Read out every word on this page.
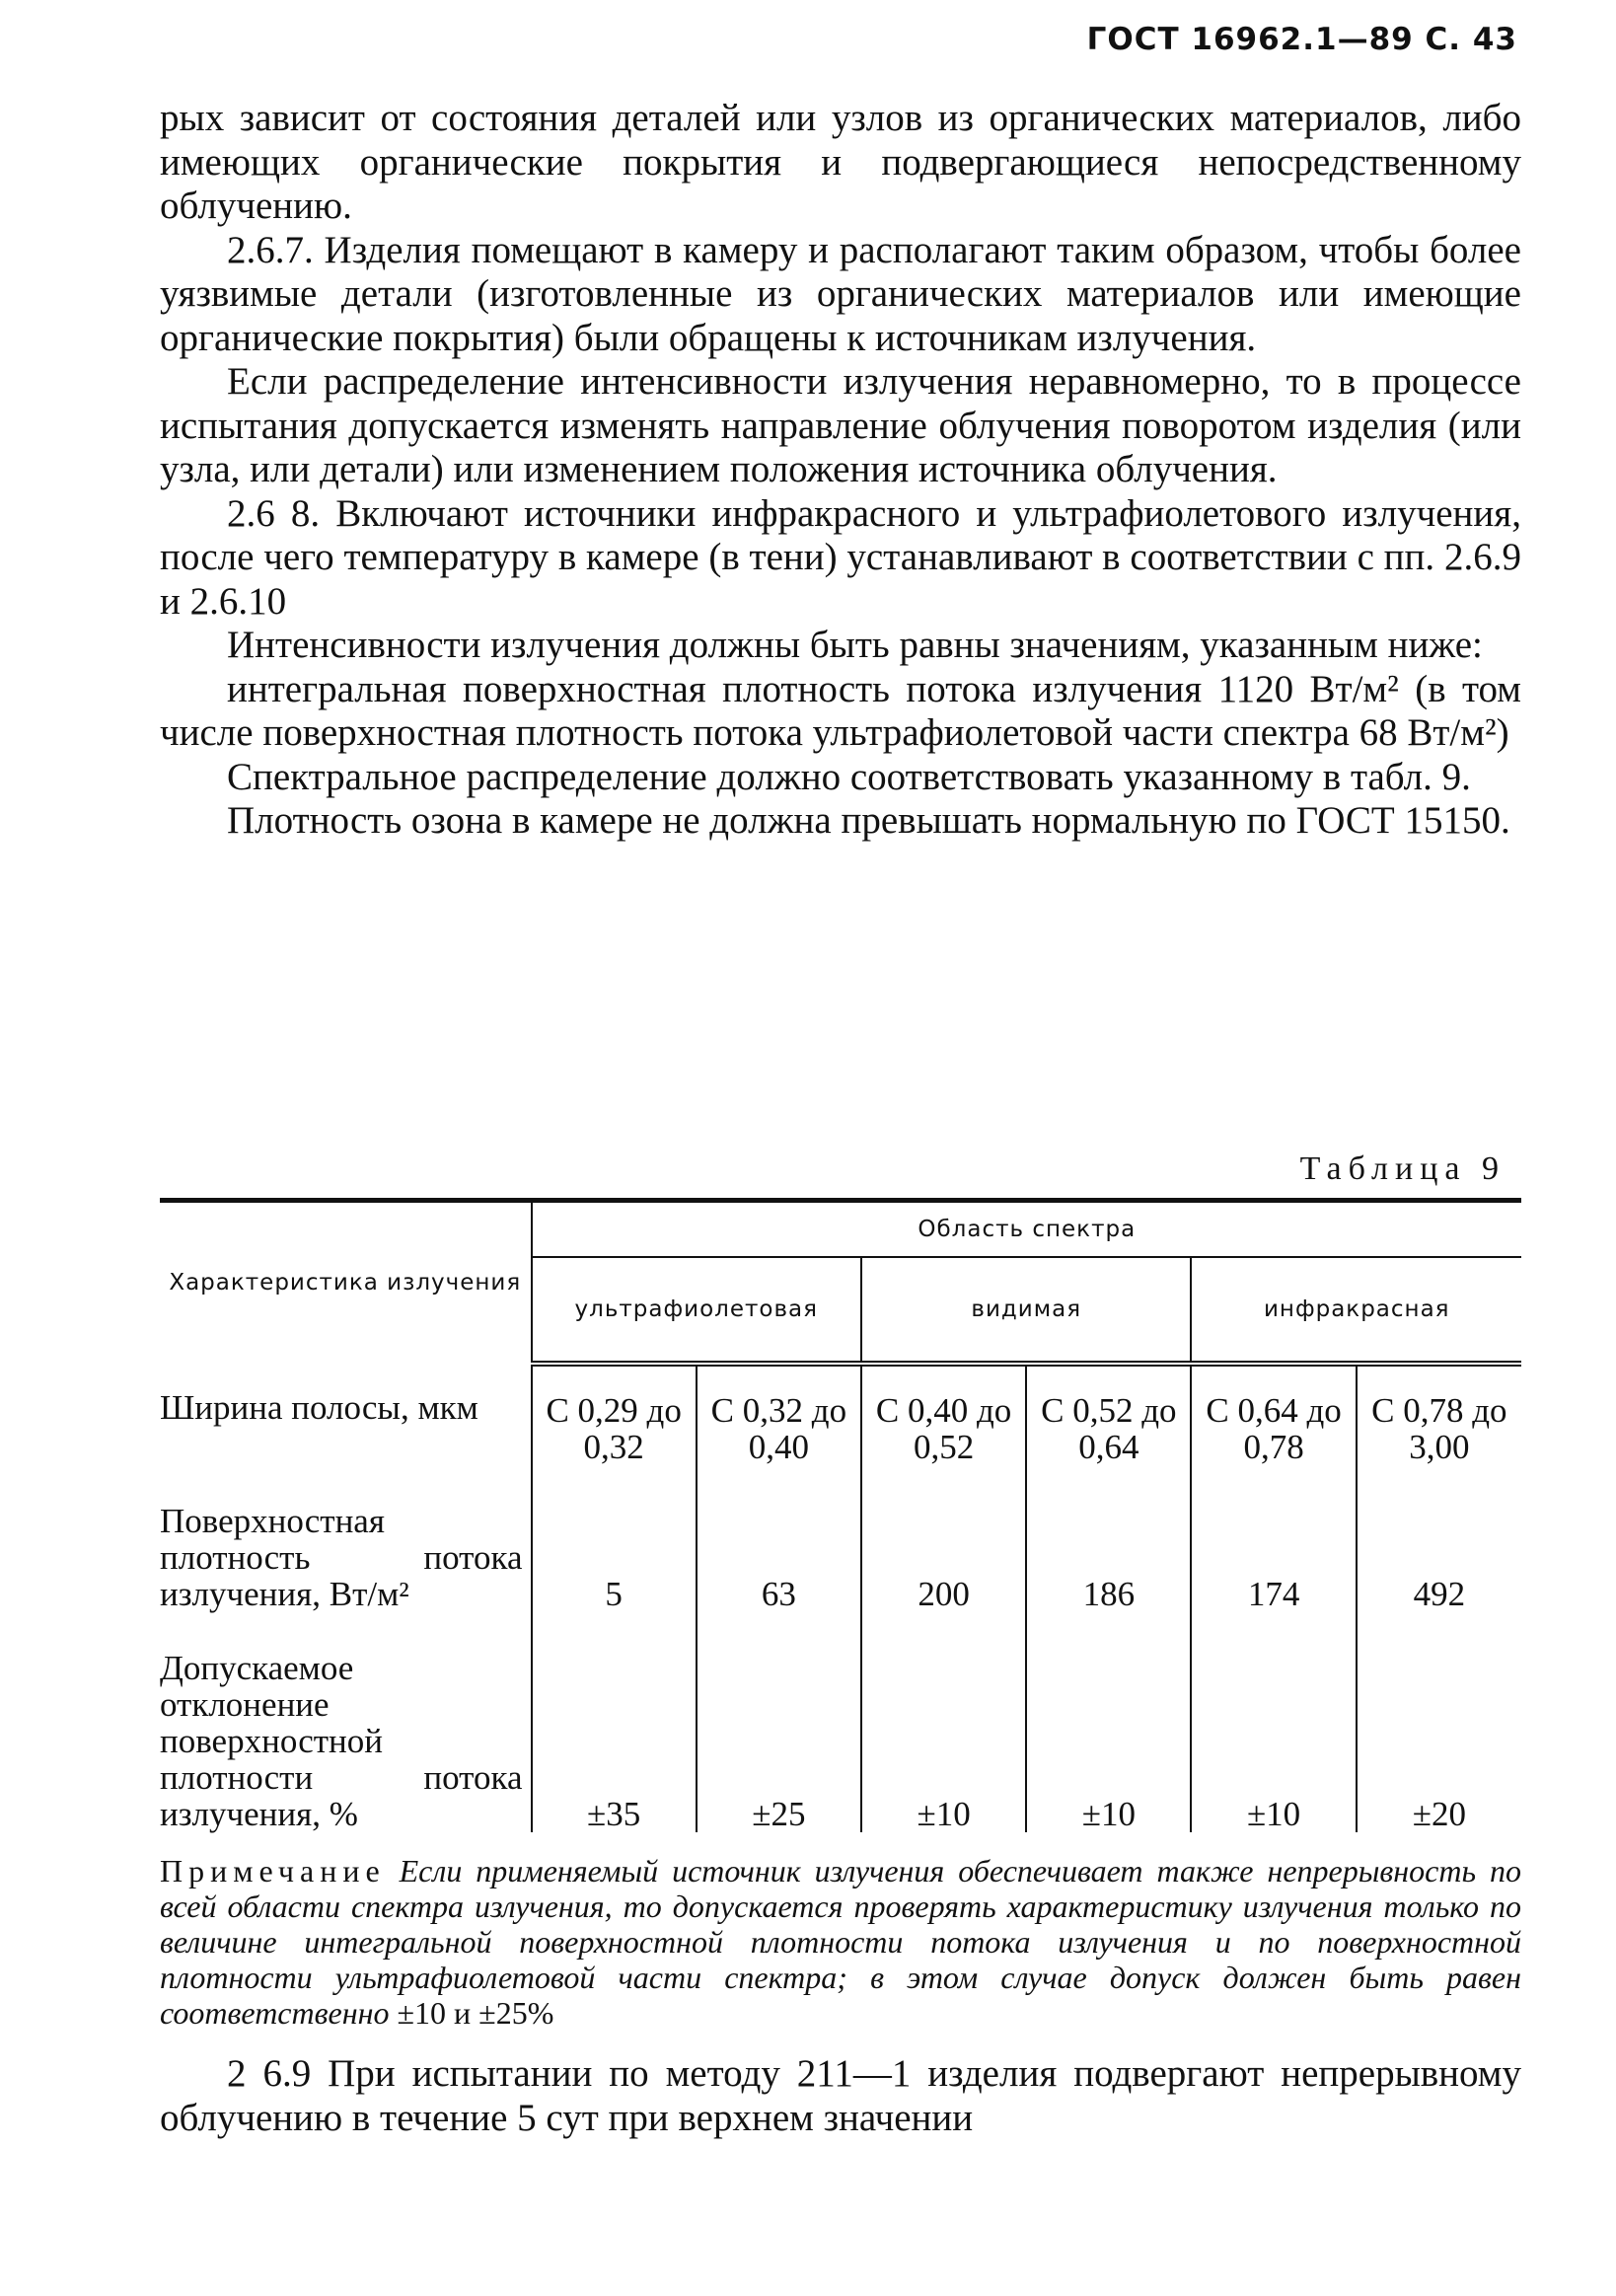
ГОСТ 16962.1—89 С. 43

рых зависит от состояния деталей или узлов из органических материалов, либо имеющих органические покрытия и подвергающиеся непосредственному облучению.

2.6.7. Изделия помещают в камеру и располагают таким образом, чтобы более уязвимые детали (изготовленные из органических материалов или имеющие органические покрытия) были обращены к источникам излучения.

Если распределение интенсивности излучения неравномерно, то в процессе испытания допускается изменять направление облучения поворотом изделия (или узла, или детали) или изменением положения источника облучения.

2.6 8. Включают источники инфракрасного и ультрафиолетового излучения, после чего температуру в камере (в тени) устанавливают в соответствии с пп. 2.6.9 и 2.6.10

Интенсивности излучения должны быть равны значениям, указанным ниже:

интегральная поверхностная плотность потока излучения 1120 Вт/м² (в том числе поверхностная плотность потока ультрафиолетовой части спектра 68 Вт/м²)

Спектральное распределение должно соответствовать указанному в табл. 9.

Плотность озона в камере не должна превышать нормальную по ГОСТ 15150.

Таблица 9
Характеристика излучения	Область спектра					
	ультрафиолетовая		видимая		инфракрасная	
Ширина полосы, мкм	С 0,29 до 0,32	С 0,32 до 0,40	С 0,40 до 0,52	С 0,52 до 0,64	С 0,64 до 0,78	С 0,78 до 3,00
Поверхностная плотность потока излучения, Вт/м²	5	63	200	186	174	492
Допускаемое отклонение поверхностной плотности потока излучения, %	±35	±25	±10	±10	±10	±20
Примечание Если применяемый источник излучения обеспечивает также непрерывность по всей области спектра излучения, то допускается проверять характеристику излучения только по величине интегральной поверхностной плотности потока излучения и по поверхностной плотности ультрафиолетовой части спектра; в этом случае допуск должен быть равен соответственно ±10 и ±25%

2 6.9 При испытании по методу 211—1 изделия подвергают непрерывному облучению в течение 5 сут при верхнем значении
